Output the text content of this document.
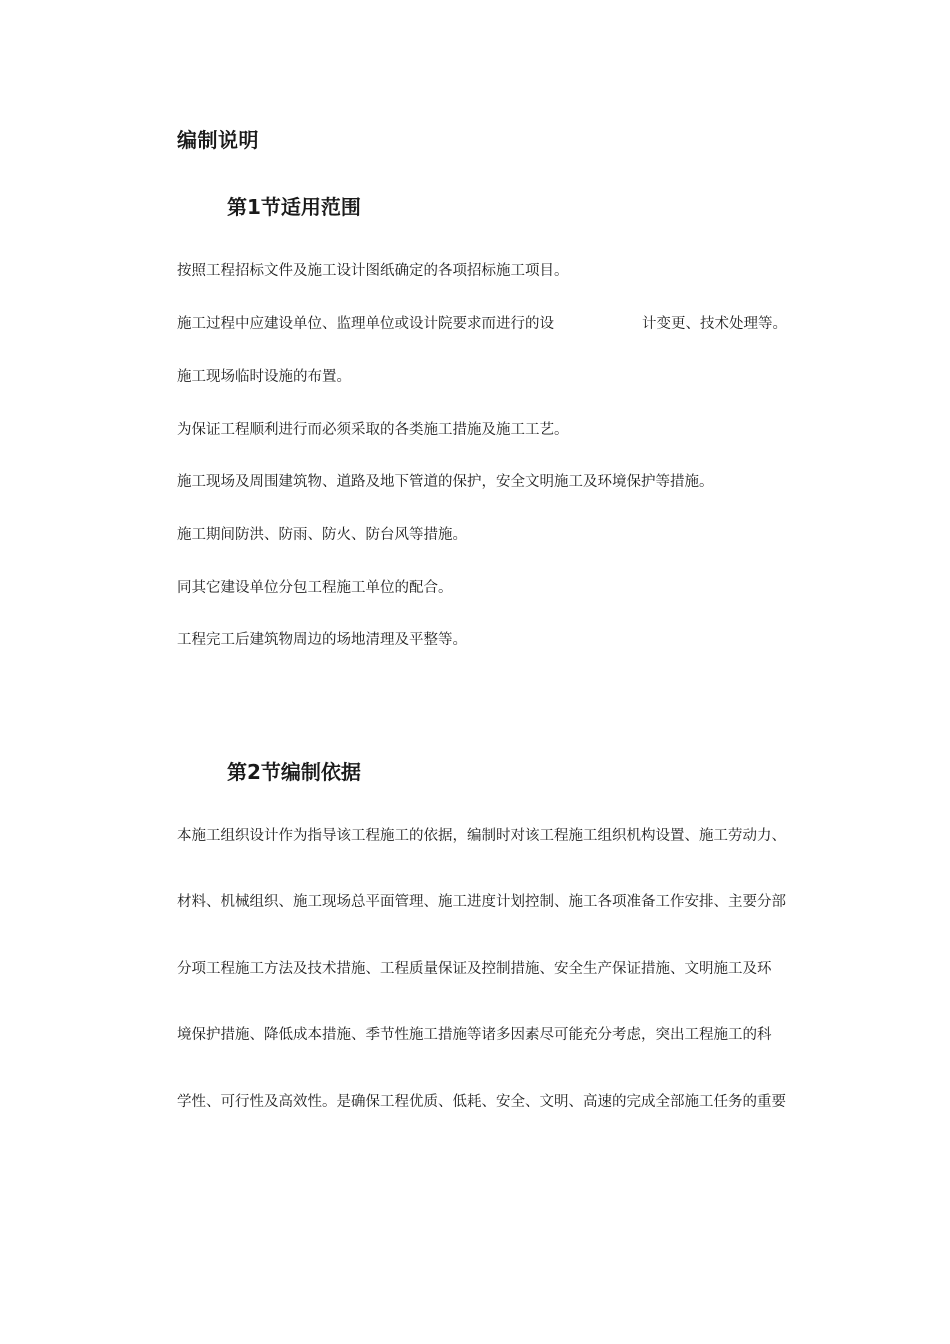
编制说明
第1节适用范围
按照工程招标文件及施工设计图纸确定的各项招标施工项目。
施工过程中应建设单位、监理单位或设计院要求而进行的设	计变更、技术处理等。
施工现场临时设施的布置。
为保证工程顺利进行而必须采取的各类施工措施及施工工艺。
施工现场及周围建筑物、道路及地下管道的保护，安全文明施工及环境保护等措施。
施工期间防洪、防雨、防火、防台风等措施。
同其它建设单位分包工程施工单位的配合。
工程完工后建筑物周边的场地清理及平整等。
第2节编制依据
本施工组织设计作为指导该工程施工的依据，编制时对该工程施工组织机构设置、施工劳动力、
材料、机械组织、施工现场总平面管理、施工进度计划控制、施工各项准备工作安排、主要分部
分项工程施工方法及技术措施、工程质量保证及控制措施、安全生产保证措施、文明施工及环
境保护措施、降低成本措施、季节性施工措施等诸多因素尽可能充分考虑，突出工程施工的科
学性、可行性及高效性。是确保工程优质、低耗、安全、文明、高速的完成全部施工任务的重要
